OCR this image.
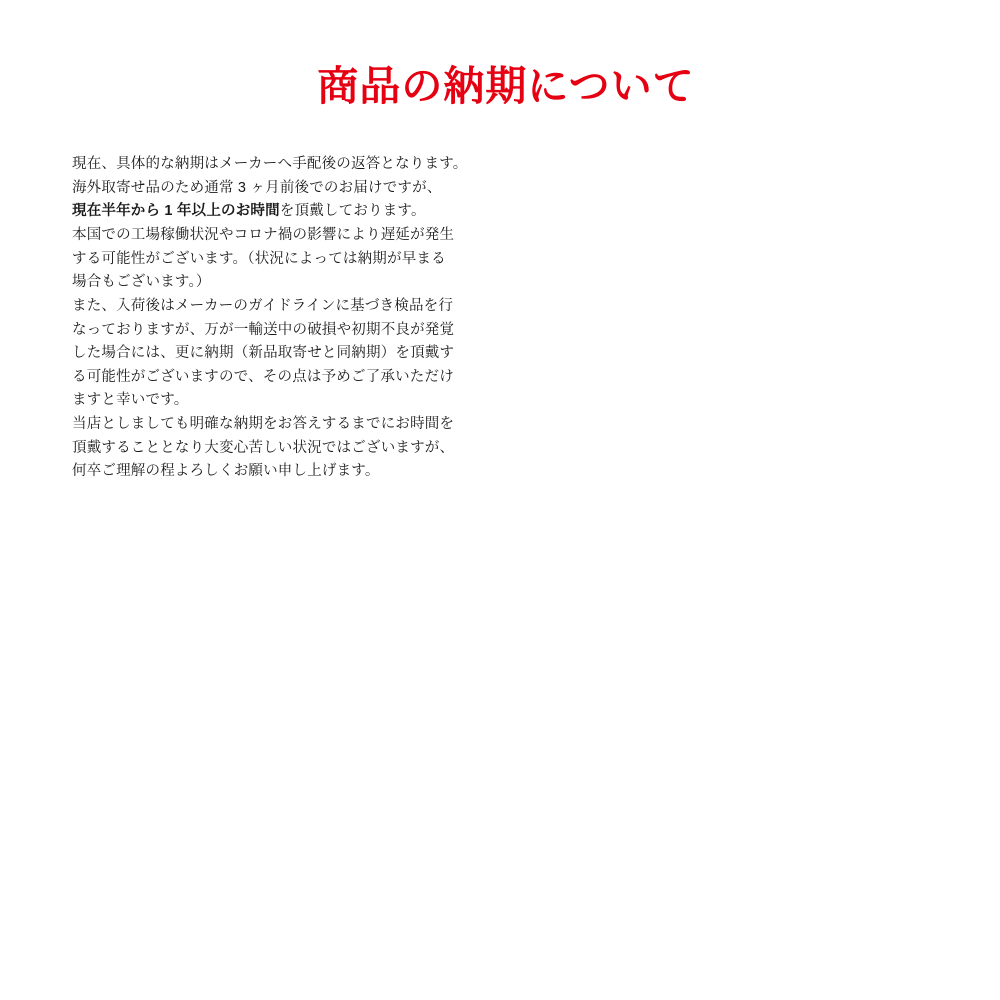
商品の納期について
現在、具体的な納期はメーカーへ手配後の返答となります。
海外取寄せ品のため通常 3 ヶ月前後でのお届けですが、
現在半年から 1 年以上のお時間を頂戴しております。
本国での工場稼働状況やコロナ禍の影響により遅延が発生
する可能性がございます。（状況によっては納期が早まる
場合もございます。）
また、入荷後はメーカーのガイドラインに基づき検品を行
なっておりますが、万が一輸送中の破損や初期不良が発覚
した場合には、更に納期（新品取寄せと同納期）を頂戴す
る可能性がございますので、その点は予めご了承いただけ
ますと幸いです。
当店としましても明確な納期をお答えするまでにお時間を
頂戴することとなり大変心苦しい状況ではございますが、
何卒ご理解の程よろしくお願い申し上げます。
